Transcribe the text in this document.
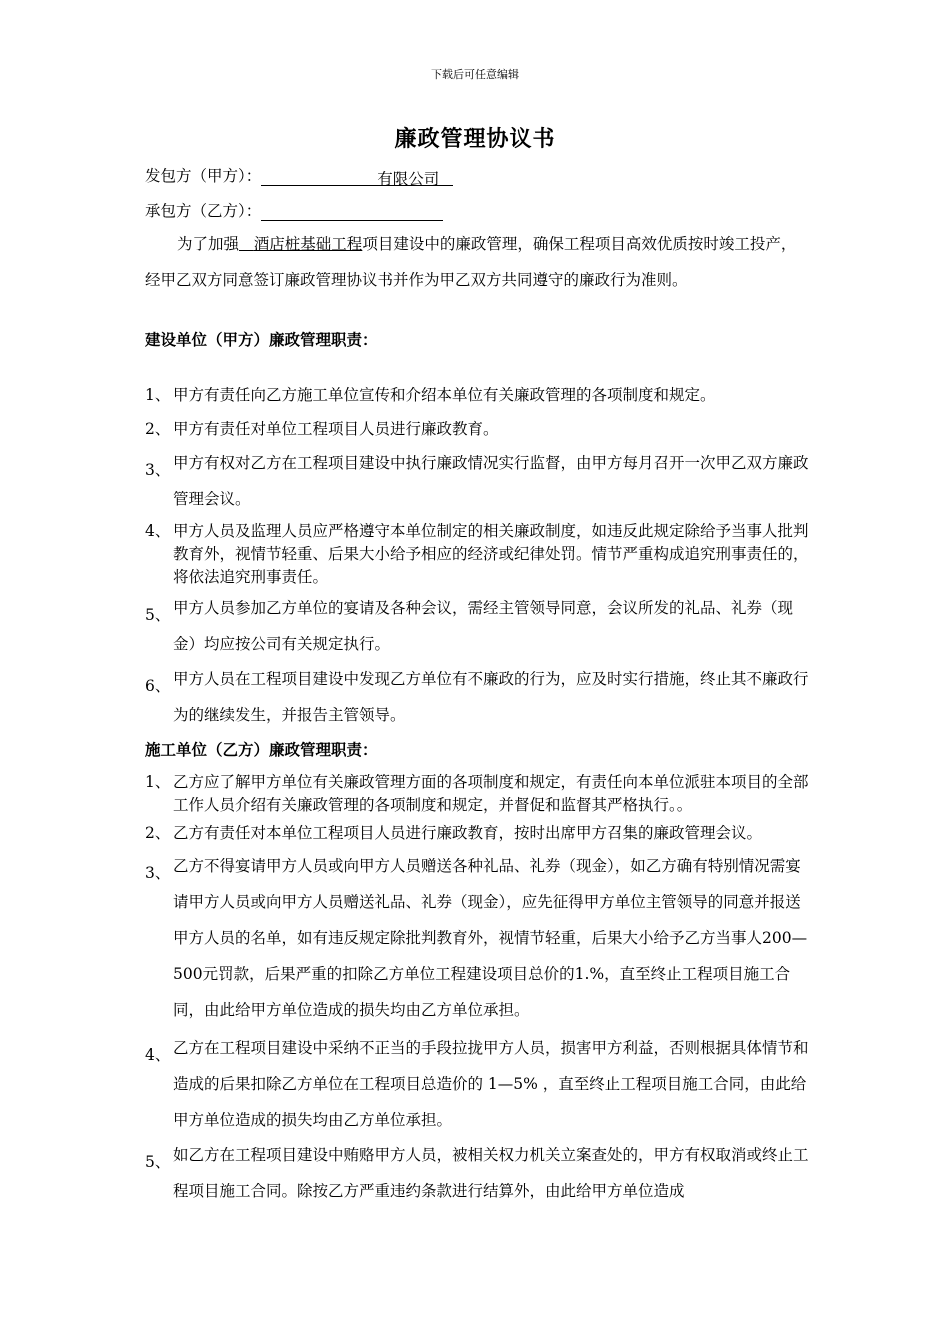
下载后可任意编辑
廉政管理协议书
发包方（甲方）：	有限公司
承包方（乙方）：
为了加强 酒店桩基础工程项目建设中的廉政管理，确保工程项目高效优质按时竣工投产，经甲乙双方同意签订廉政管理协议书并作为甲乙双方共同遵守的廉政行为准则。
建设单位（甲方）廉政管理职责：
1、 甲方有责任向乙方施工单位宣传和介绍本单位有关廉政管理的各项制度和规定。
2、 甲方有责任对单位工程项目人员进行廉政教育。
3、 甲方有权对乙方在工程项目建设中执行廉政情况实行监督，由甲方每月召开一次甲乙双方廉政管理会议。
4、 甲方人员及监理人员应严格遵守本单位制定的相关廉政制度，如违反此规定除给予当事人批判教育外，视情节轻重、后果大小给予相应的经济或纪律处罚。情节严重构成追究刑事责任的，将依法追究刑事责任。
5、 甲方人员参加乙方单位的宴请及各种会议，需经主管领导同意，会议所发的礼品、礼券（现金）均应按公司有关规定执行。
6、 甲方人员在工程项目建设中发现乙方单位有不廉政的行为，应及时实行措施，终止其不廉政行为的继续发生，并报告主管领导。
施工单位（乙方）廉政管理职责：
1、 乙方应了解甲方单位有关廉政管理方面的各项制度和规定，有责任向本单位派驻本项目的全部工作人员介绍有关廉政管理的各项制度和规定，并督促和监督其严格执行。。
2、 乙方有责任对本单位工程项目人员进行廉政教育，按时出席甲方召集的廉政管理会议。
3、 乙方不得宴请甲方人员或向甲方人员赠送各种礼品、礼券（现金），如乙方确有特别情况需宴请甲方人员或向甲方人员赠送礼品、礼券（现金），应先征得甲方单位主管领导的同意并报送甲方人员的名单，如有违反规定除批判教育外，视情节轻重，后果大小给予乙方当事人200—500元罚款，后果严重的扣除乙方单位工程建设项目总价的1.%，直至终止工程项目施工合同，由此给甲方单位造成的损失均由乙方单位承担。
4、 乙方在工程项目建设中采纳不正当的手段拉拢甲方人员，损害甲方利益，否则根据具体情节和造成的后果扣除乙方单位在工程项目总造价的 1—5% ，直至终止工程项目施工合同，由此给甲方单位造成的损失均由乙方单位承担。
5、 如乙方在工程项目建设中贿赂甲方人员，被相关权力机关立案查处的，甲方有权取消或终止工程项目施工合同。除按乙方严重违约条款进行结算外，由此给甲方单位造成
